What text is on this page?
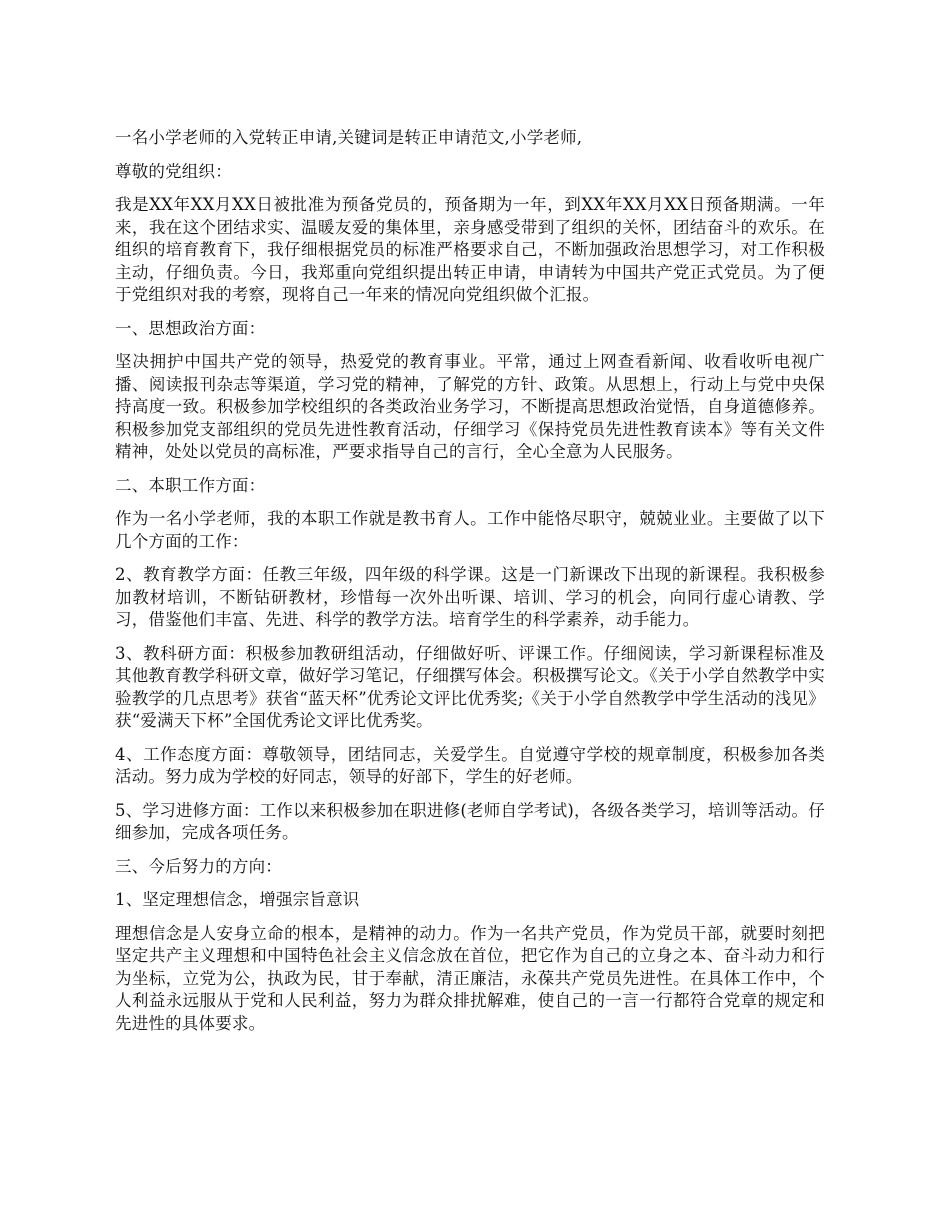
一名小学老师的入党转正申请,关键词是转正申请范文,小学老师,

尊敬的党组织：

我是XX年XX月XX日被批准为预备党员的，预备期为一年，到XX年XX月XX日预备期满。一年来，我在这个团结求实、温暖友爱的集体里，亲身感受带到了组织的关怀，团结奋斗的欢乐。在组织的培育教育下，我仔细根据党员的标准严格要求自己，不断加强政治思想学习，对工作积极主动，仔细负责。今日，我郑重向党组织提出转正申请，申请转为中国共产党正式党员。为了便于党组织对我的考察，现将自己一年来的情况向党组织做个汇报。

一、思想政治方面：

坚决拥护中国共产党的领导，热爱党的教育事业。平常，通过上网查看新闻、收看收听电视广播、阅读报刊杂志等渠道，学习党的精神，了解党的方针、政策。从思想上，行动上与党中央保持高度一致。积极参加学校组织的各类政治业务学习，不断提高思想政治觉悟，自身道德修养。积极参加党支部组织的党员先进性教育活动，仔细学习《保持党员先进性教育读本》等有关文件精神，处处以党员的高标准，严要求指导自己的言行，全心全意为人民服务。

二、本职工作方面：

作为一名小学老师，我的本职工作就是教书育人。工作中能恪尽职守，兢兢业业。主要做了以下几个方面的工作：

2、教育教学方面：任教三年级，四年级的科学课。这是一门新课改下出现的新课程。我积极参加教材培训，不断钻研教材，珍惜每一次外出听课、培训、学习的机会，向同行虚心请教、学习，借鉴他们丰富、先进、科学的教学方法。培育学生的科学素养，动手能力。

3、教科研方面：积极参加教研组活动，仔细做好听、评课工作。仔细阅读，学习新课程标准及其他教育教学科研文章，做好学习笔记，仔细撰写体会。积极撰写论文。《关于小学自然教学中实验教学的几点思考》获省“蓝天杯”优秀论文评比优秀奖;《关于小学自然教学中学生活动的浅见》获“爱满天下杯”全国优秀论文评比优秀奖。

4、工作态度方面：尊敬领导，团结同志，关爱学生。自觉遵守学校的规章制度，积极参加各类活动。努力成为学校的好同志，领导的好部下，学生的好老师。

5、学习进修方面：工作以来积极参加在职进修(老师自学考试)，各级各类学习，培训等活动。仔细参加，完成各项任务。

三、今后努力的方向：

1、坚定理想信念，增强宗旨意识

理想信念是人安身立命的根本，是精神的动力。作为一名共产党员，作为党员干部，就要时刻把坚定共产主义理想和中国特色社会主义信念放在首位，把它作为自己的立身之本、奋斗动力和行为坐标，立党为公，执政为民，甘于奉献，清正廉洁，永葆共产党员先进性。在具体工作中，个人利益永远服从于党和人民利益，努力为群众排扰解难，使自己的一言一行都符合党章的规定和先进性的具体要求。
